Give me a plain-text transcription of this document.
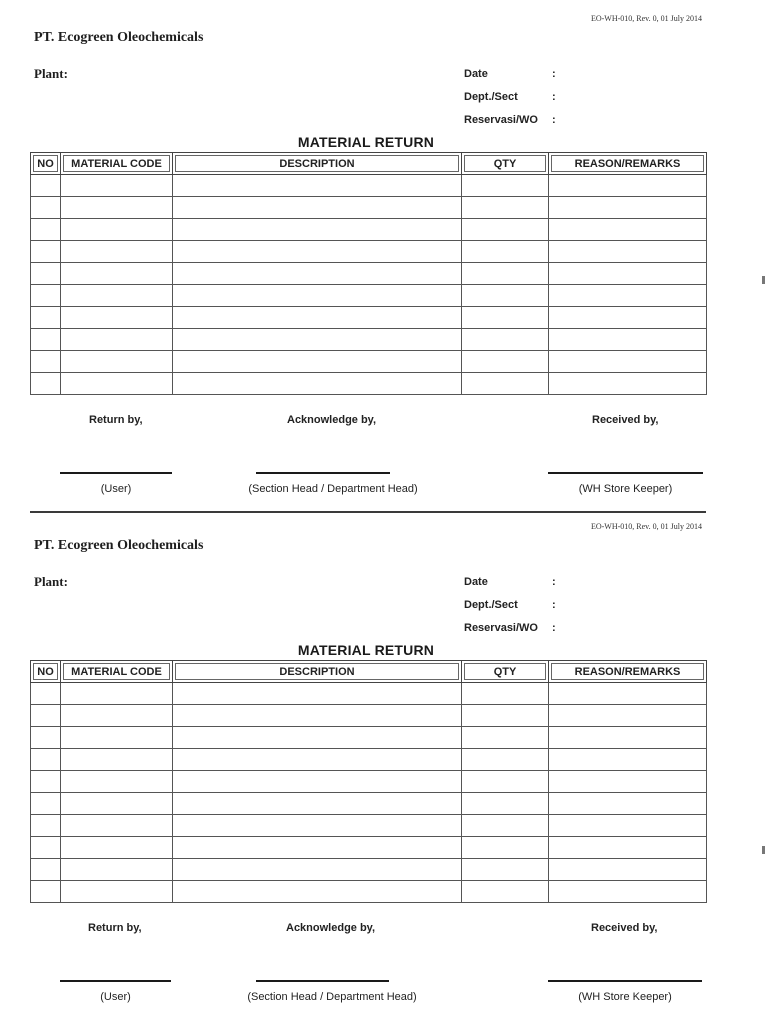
EO-WH-010, Rev. 0, 01 July 2014
PT. Ecogreen Oleochemicals
Plant:	Date	:
Dept./Sect	:
Reservasi/WO :
MATERIAL RETURN
NO	MATERIAL CODE	DESCRIPTION	QTY	REASON/REMARKS

Return by,	Acknowledge by,	Received by,
(User)	(Section Head / Department Head)	(WH Store Keeper)
EO-WH-010, Rev. 0, 01 July 2014
PT. Ecogreen Oleochemicals
Plant:	Date	:
Dept./Sect	:
Reservasi/WO :
MATERIAL RETURN
NO	MATERIAL CODE	DESCRIPTION	QTY	REASON/REMARKS

Return by,	Acknowledge by,	Received by,
(User)	(Section Head / Department Head)	(WH Store Keeper)
